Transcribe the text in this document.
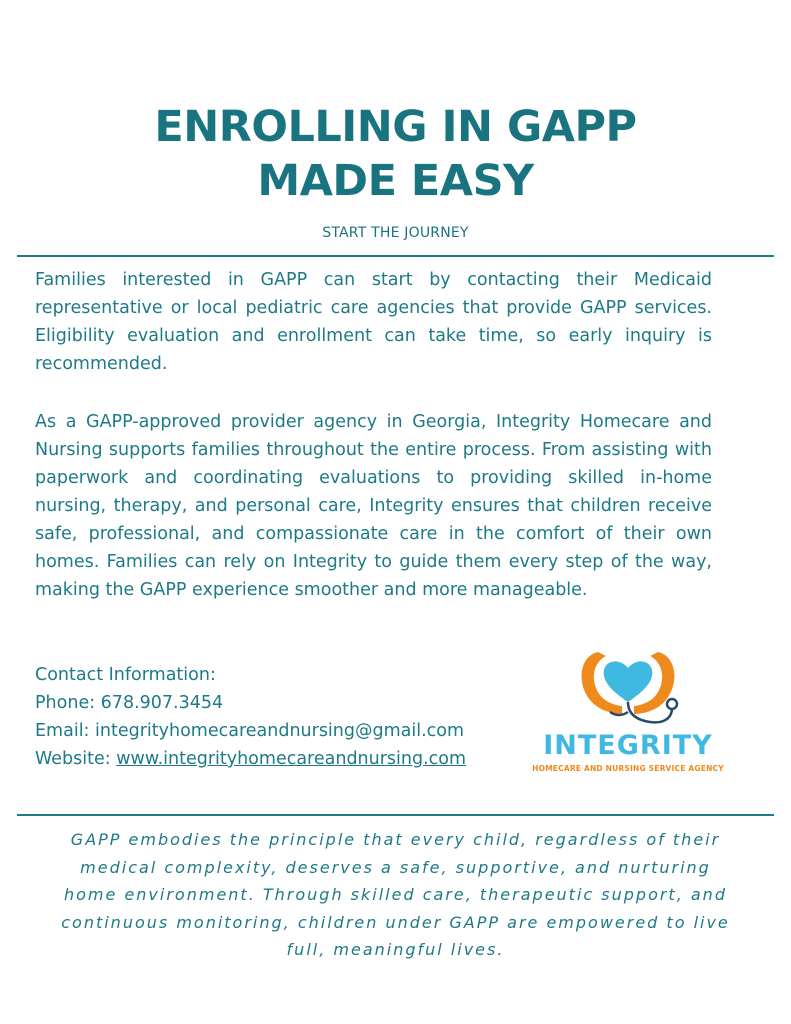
ENROLLING IN GAPP
MADE EASY
START THE JOURNEY

Families interested in GAPP can start by contacting their Medicaid representative or local pediatric care agencies that provide GAPP services. Eligibility evaluation and enrollment can take time, so early inquiry is recommended.

As a GAPP-approved provider agency in Georgia, Integrity Homecare and Nursing supports families throughout the entire process. From assisting with paperwork and coordinating evaluations to providing skilled in-home nursing, therapy, and personal care, Integrity ensures that children receive safe, professional, and compassionate care in the comfort of their own homes. Families can rely on Integrity to guide them every step of the way, making the GAPP experience smoother and more manageable.

Contact Information:
Phone: 678.907.3454
Email: integrityhomecareandnursing@gmail.com
Website: www.integrityhomecareandnursing.com	INTEGRITY
HOMECARE AND NURSING SERVICE AGENCY

GAPP embodies the principle that every child, regardless of their medical complexity, deserves a safe, supportive, and nurturing home environment. Through skilled care, therapeutic support, and continuous monitoring, children under GAPP are empowered to live full, meaningful lives.
